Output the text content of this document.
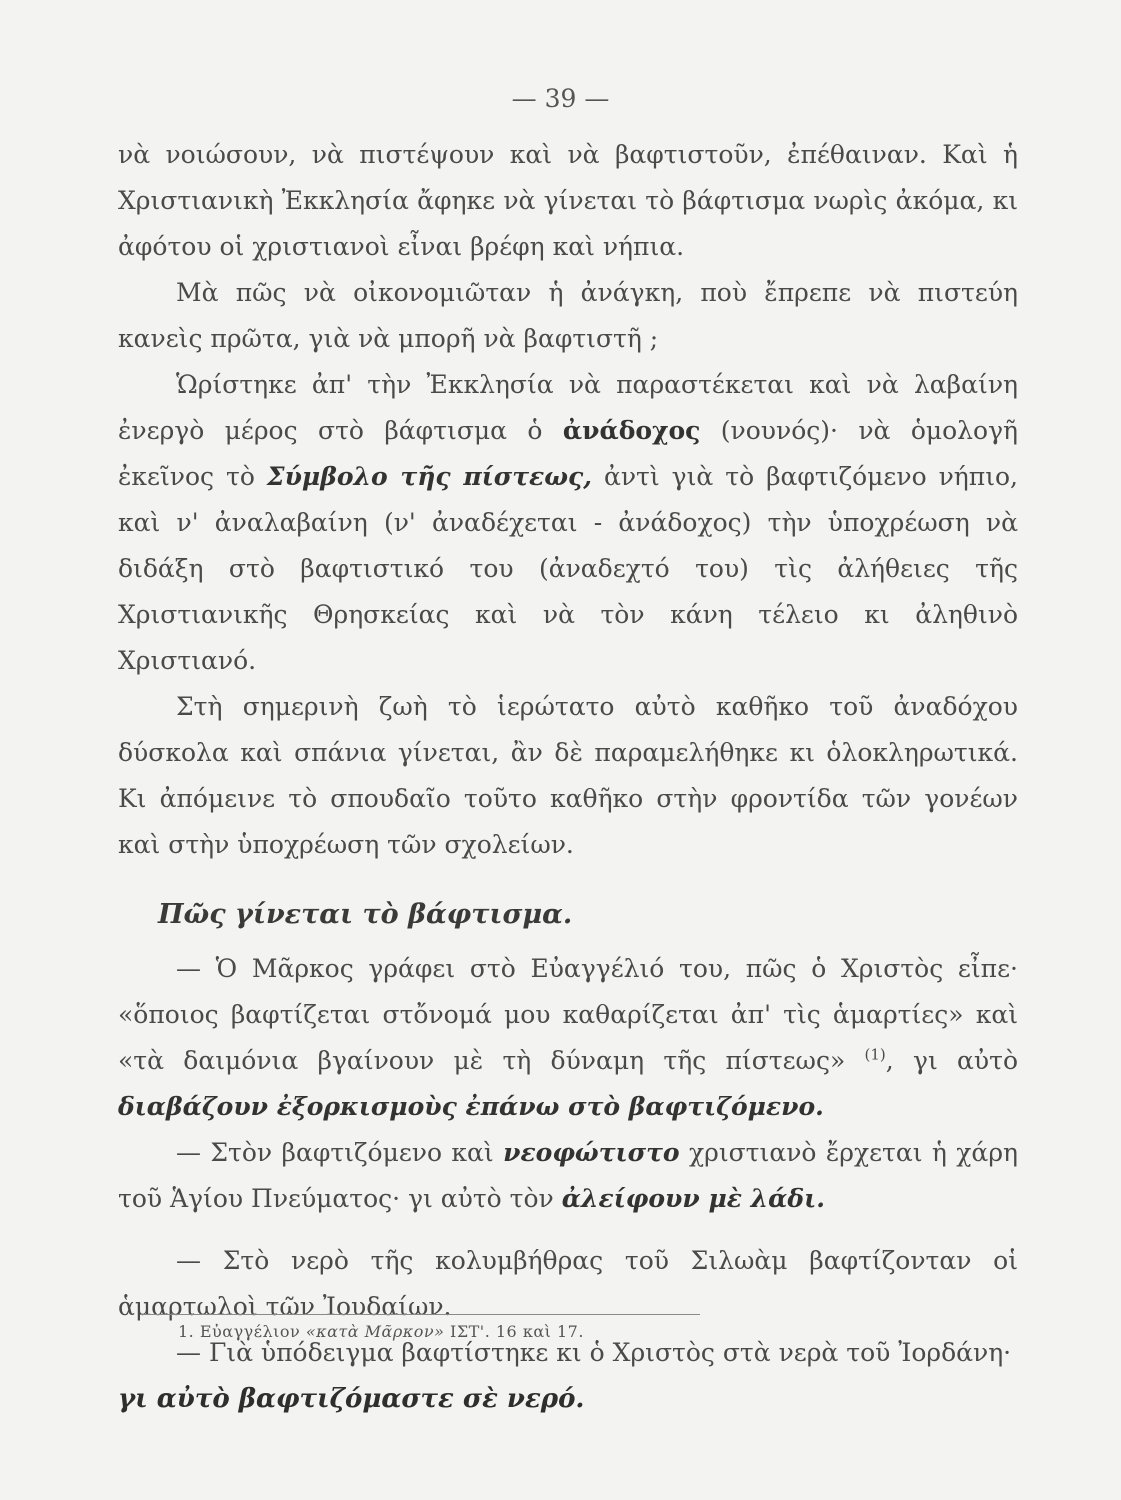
— 39 —

νὰ νοιώσουν, νὰ πιστέψουν καὶ νὰ βαφτιστοῦν, ἐπέθαιναν. Καὶ ἡ Χριστιανικὴ Ἐκκλησία ἄφηκε νὰ γίνεται τὸ βάφτισμα νωρὶς ἀκόμα, κι ἀφότου οἱ χριστιανοὶ εἶναι βρέφη καὶ νήπια.

Μὰ πῶς νὰ οἰκονομιῶταν ἡ ἀνάγκη, ποὺ ἔπρεπε νὰ πιστεύη κανεὶς πρῶτα, γιὰ νὰ μπορῆ νὰ βαφτιστῆ ;

Ὡρίστηκε ἀπ' τὴν Ἐκκλησία νὰ παραστέκεται καὶ νὰ λαβαίνη ἐνεργὸ μέρος στὸ βάφτισμα ὁ ἀνάδοχος (νουνός)· νὰ ὁμολογῆ ἐκεῖνος τὸ Σύμβολο τῆς πίστεως, ἀντὶ γιὰ τὸ βαφτιζόμενο νήπιο, καὶ ν' ἀναλαβαίνη (ν' ἀναδέχεται - ἀνάδοχος) τὴν ὑποχρέωση νὰ διδάξη στὸ βαφτιστικό του (ἀναδεχτό του) τὶς ἀλήθειες τῆς Χριστιανικῆς Θρησκείας καὶ νὰ τὸν κάνη τέλειο κι ἀληθινὸ Χριστιανό.

Στὴ σημερινὴ ζωὴ τὸ ἱερώτατο αὐτὸ καθῆκο τοῦ ἀναδόχου δύσκολα καὶ σπάνια γίνεται, ἂν δὲ παραμελήθηκε κι ὁλοκληρωτικά. Κι ἀπόμεινε τὸ σπουδαῖο τοῦτο καθῆκο στὴν φροντίδα τῶν γονέων καὶ στὴν ὑποχρέωση τῶν σχολείων.

Πῶς γίνεται τὸ βάφτισμα.

— Ὁ Μᾶρκος γράφει στὸ Εὐαγγέλιό του, πῶς ὁ Χριστὸς εἶπε· «ὅποιος βαφτίζεται στὄνομά μου καθαρίζεται ἀπ' τὶς ἁμαρτίες» καὶ «τὰ δαιμόνια βγαίνουν μὲ τὴ δύναμη τῆς πίστεως» $^{(1)}$, γι αὐτὸ διαβάζουν ἐξορκισμοὺς ἐπάνω στὸ βαφτιζόμενο.

— Στὸν βαφτιζόμενο καὶ νεοφώτιστο χριστιανὸ ἔρχεται ἡ χάρη τοῦ Ἁγίου Πνεύματος· γι αὐτὸ τὸν ἀλείφουν μὲ λάδι.

— Στὸ νερὸ τῆς κολυμβήθρας τοῦ Σιλωὰμ βαφτίζονταν οἱ ἁμαρτωλοὶ τῶν Ἰουδαίων.

— Γιὰ ὑπόδειγμα βαφτίστηκε κι ὁ Χριστὸς στὰ νερὰ τοῦ Ἰορδάνη·

γι αὐτὸ βαφτιζόμαστε σὲ νερό.

1. Εὐαγγέλιον «κατὰ Μᾶρκον» ΙΣΤ'. 16 καὶ 17.
